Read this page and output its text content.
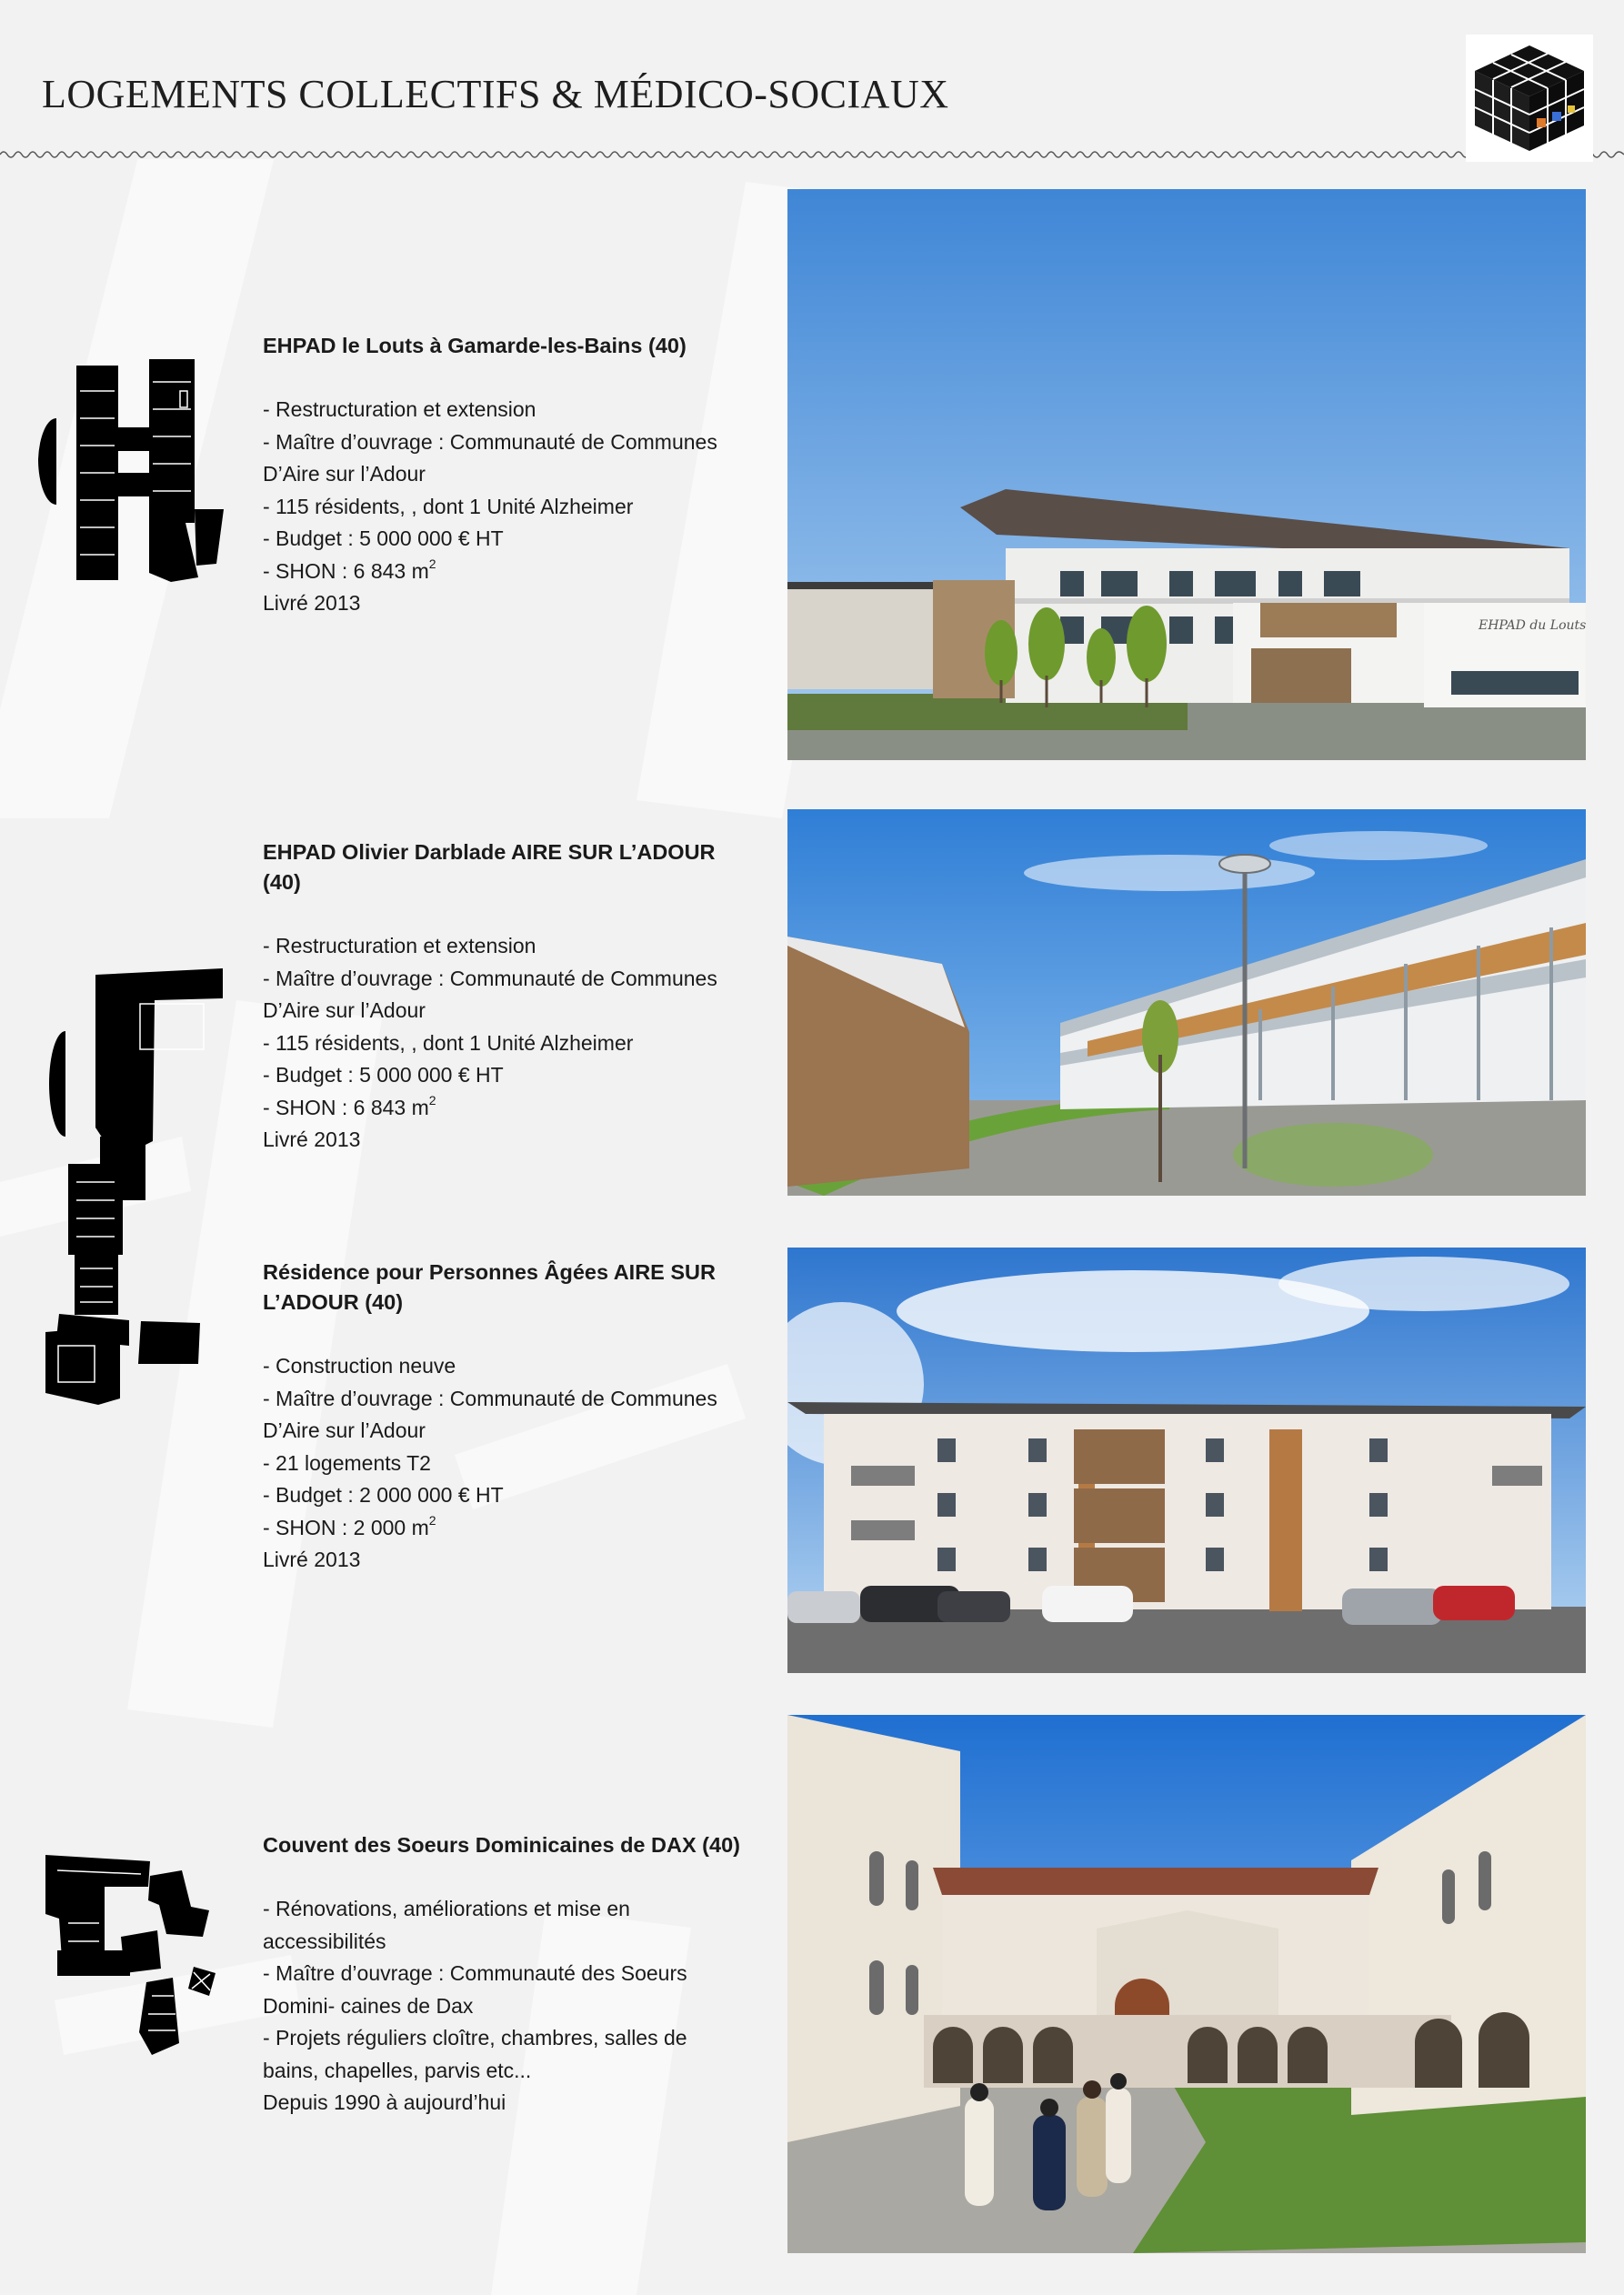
LOGEMENTS COLLECTIFS & MÉDICO-SOCIAUX

EHPAD le Louts à Gamarde-les-Bains (40)

- Restructuration et extension

- Maître d’ouvrage : Communauté de Communes D’Aire sur l’Adour

- 115 résidents, , dont 1 Unité Alzheimer

- Budget : 5 000 000 € HT

- SHON : 6 843 $m^2$

Livré 2013

EHPAD du Louts

EHPAD Olivier Darblade AIRE SUR L’ADOUR (40)

- Restructuration et extension

- Maître d’ouvrage : Communauté de Communes D’Aire sur l’Adour

- 115 résidents, , dont 1 Unité Alzheimer

- Budget : 5 000 000 € HT

- SHON : 6 843 $m^2$

Livré 2013

Résidence pour Personnes Âgées AIRE SUR L’ADOUR (40)

- Construction neuve

- Maître d’ouvrage : Communauté de Communes D’Aire sur l’Adour

- 21 logements T2

- Budget : 2 000 000 € HT

- SHON : 2 000 $m^2$

Livré 2013

Couvent des Soeurs Dominicaines de DAX (40)

- Rénovations, améliorations et mise en accessibilités

- Maître d’ouvrage : Communauté des Soeurs Domini- caines de Dax

- Projets réguliers cloître, chambres, salles de bains, chapelles, parvis etc...

Depuis 1990 à aujourd’hui
